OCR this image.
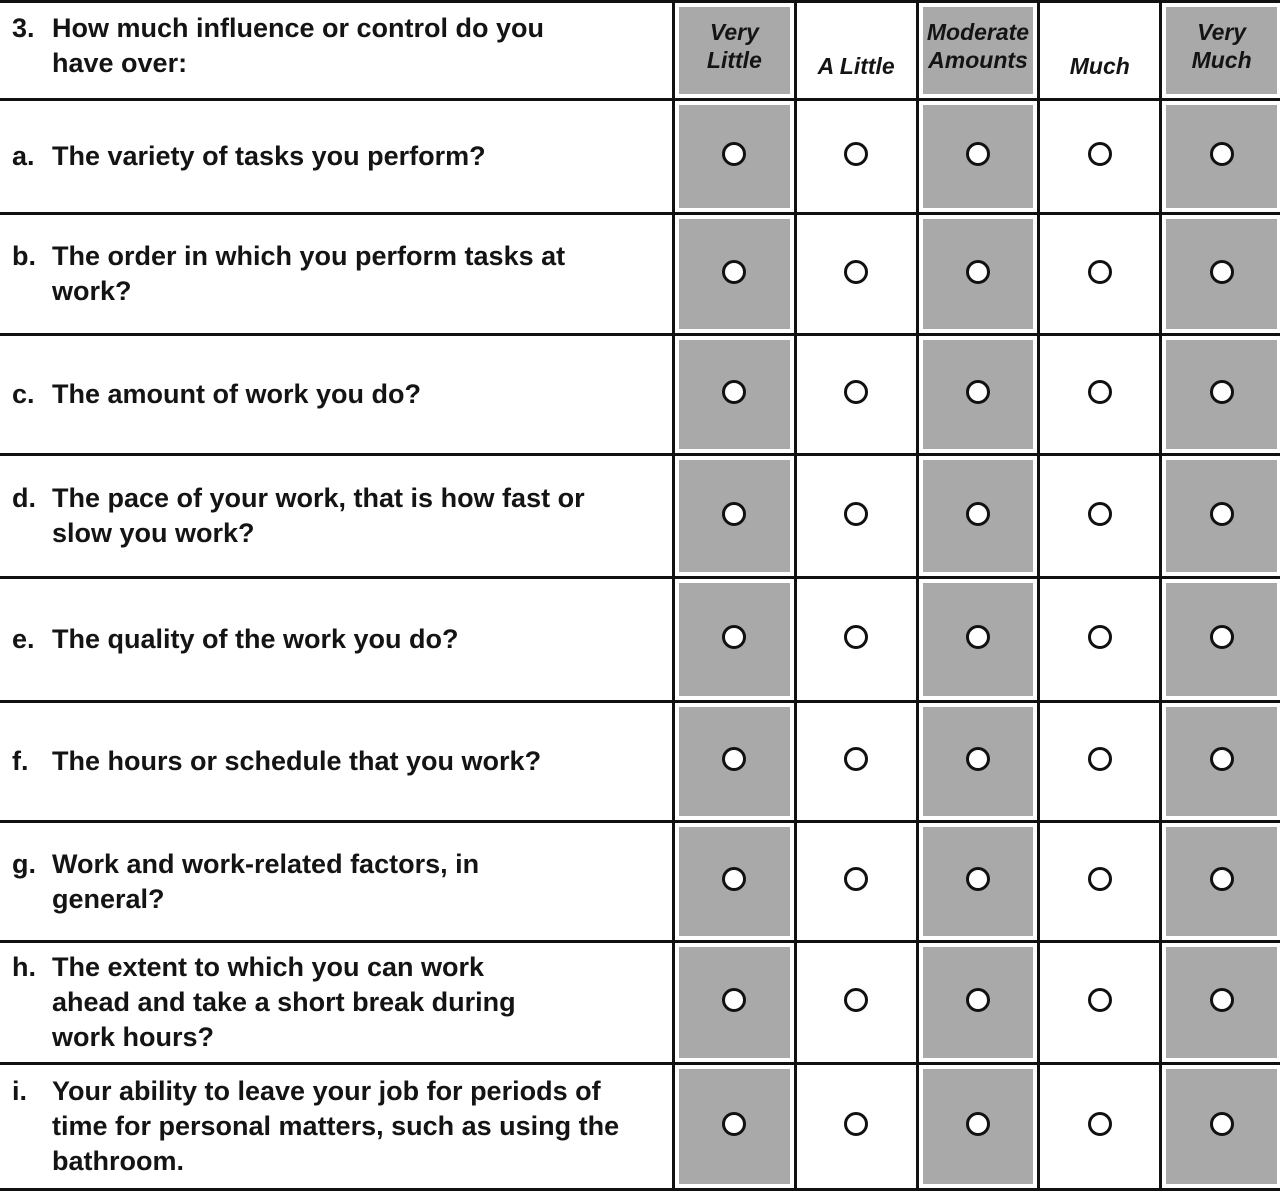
3. How much influence or control do you have over:	Very Little	A Little	Moderate Amounts	Much	Very Much

a. The variety of tasks you perform?					

b. The order in which you perform tasks at work?					

c. The amount of work you do?					

d. The pace of your work, that is how fast or slow you work?					

e. The quality of the work you do?					

f. The hours or schedule that you work?					

g. Work and work-related factors, in general?					

h. The extent to which you can work ahead and take a short break during work hours?					

i. Your ability to leave your job for periods of time for personal matters, such as using the bathroom.					
